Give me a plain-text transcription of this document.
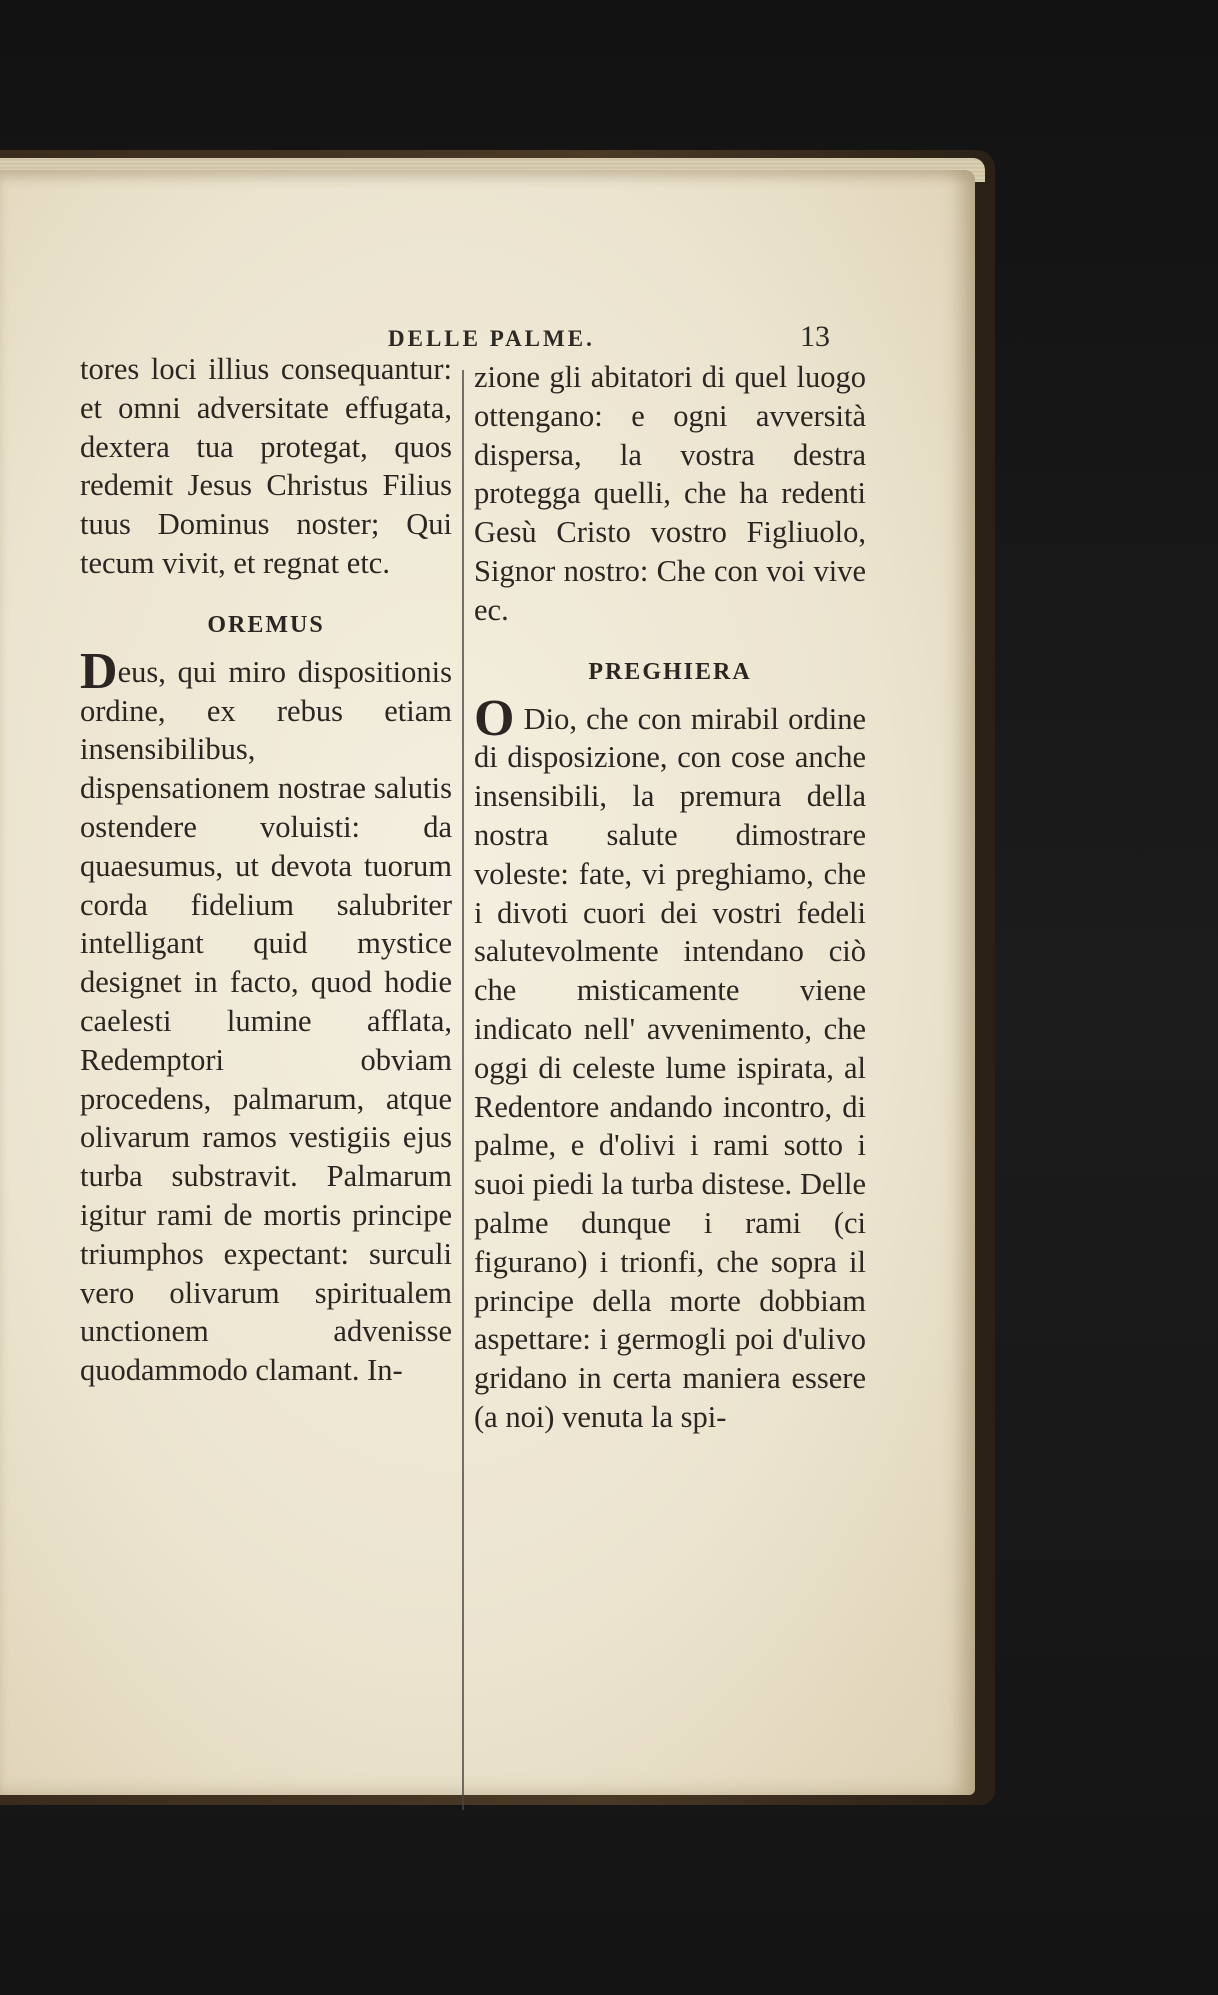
DELLE PALME.	13

tores loci illius consequantur: et omni adversitate effugata, dextera tua protegat, quos redemit Jesus Christus Filius tuus Dominus noster; Qui tecum vivit, et regnat etc.

OREMUS

Deus, qui miro dispositionis ordine, ex rebus etiam insensibilibus, dispensationem nostrae salutis ostendere voluisti: da quaesumus, ut devota tuorum corda fidelium salubriter intelligant quid mystice designet in facto, quod hodie caelesti lumine afflata, Redemptori obviam procedens, palmarum, atque olivarum ramos vestigiis ejus turba substravit. Palmarum igitur rami de mortis principe triumphos expectant: surculi vero olivarum spiritualem unctionem advenisse quodammodo clamant. In-

zione gli abitatori di quel luogo ottengano: e ogni avversità dispersa, la vostra destra protegga quelli, che ha redenti Gesù Cristo vostro Figliuolo, Signor nostro: Che con voi vive ec.

PREGHIERA

O Dio, che con mirabil ordine di disposizione, con cose anche insensibili, la premura della nostra salute dimostrare voleste: fate, vi preghiamo, che i divoti cuori dei vostri fedeli salutevolmente intendano ciò che misticamente viene indicato nell' avvenimento, che oggi di celeste lume ispirata, al Redentore andando incontro, di palme, e d'olivi i rami sotto i suoi piedi la turba distese. Delle palme dunque i rami (ci figurano) i trionfi, che sopra il principe della morte dobbiam aspettare: i germogli poi d'ulivo gridano in certa maniera essere (a noi) venuta la spi-
